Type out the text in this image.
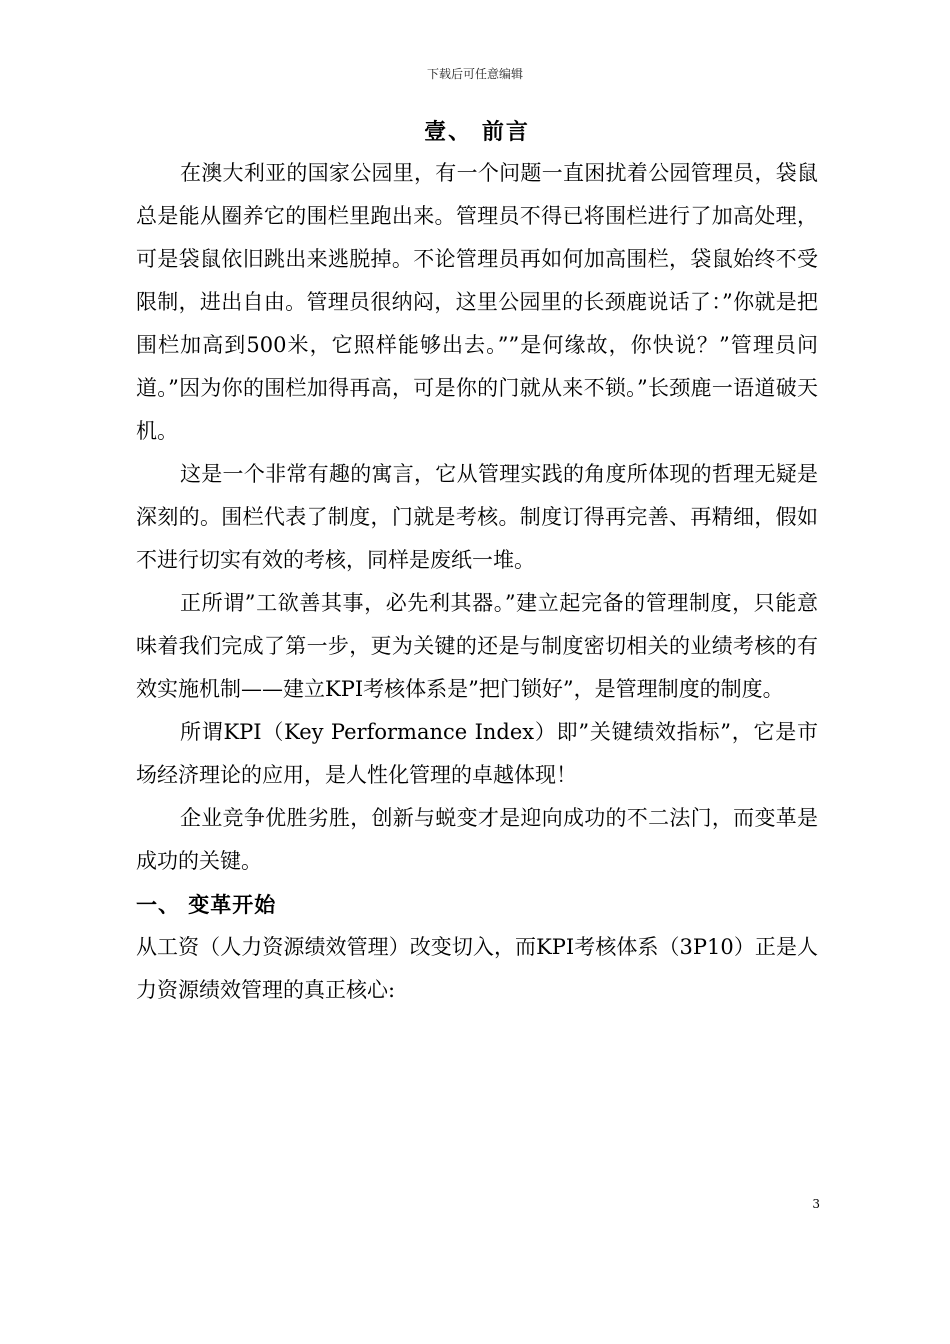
下载后可任意编辑
壹、 前言

在澳大利亚的国家公园里，有一个问题一直困扰着公园管理员，袋鼠总是能从圈养它的围栏里跑出来。管理员不得已将围栏进行了加高处理，可是袋鼠依旧跳出来逃脱掉。不论管理员再如何加高围栏，袋鼠始终不受限制，进出自由。管理员很纳闷，这里公园里的长颈鹿说话了：”你就是把围栏加高到500米，它照样能够出去。””是何缘故，你快说？”管理员问道。”因为你的围栏加得再高，可是你的门就从来不锁。”长颈鹿一语道破天机。

这是一个非常有趣的寓言，它从管理实践的角度所体现的哲理无疑是深刻的。围栏代表了制度，门就是考核。制度订得再完善、再精细，假如不进行切实有效的考核，同样是废纸一堆。

正所谓”工欲善其事，必先利其器。”建立起完备的管理制度，只能意味着我们完成了第一步，更为关键的还是与制度密切相关的业绩考核的有效实施机制——建立KPI考核体系是”把门锁好”，是管理制度的制度。

所谓KPI（Key Performance Index）即”关键绩效指标”，它是市场经济理论的应用，是人性化管理的卓越体现！

企业竞争优胜劣胜，创新与蜕变才是迎向成功的不二法门，而变革是成功的关键。

一、 变革开始

从工资（人力资源绩效管理）改变切入，而KPI考核体系（3P10）正是人力资源绩效管理的真正核心:

3
